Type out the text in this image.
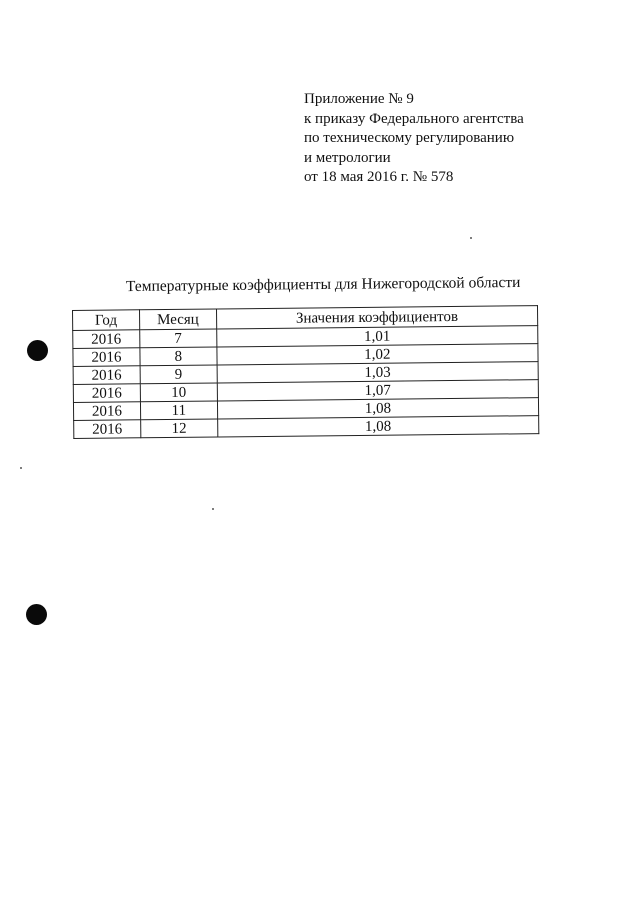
Приложение № 9
к приказу Федерального агентства
по техническому регулированию
и метрологии
от 18 мая 2016 г. № 578
Температурные коэффициенты для Нижегородской области
Год	Месяц	Значения коэффициентов
2016	7	1,01
2016	8	1,02
2016	9	1,03
2016	10	1,07
2016	11	1,08
2016	12	1,08
